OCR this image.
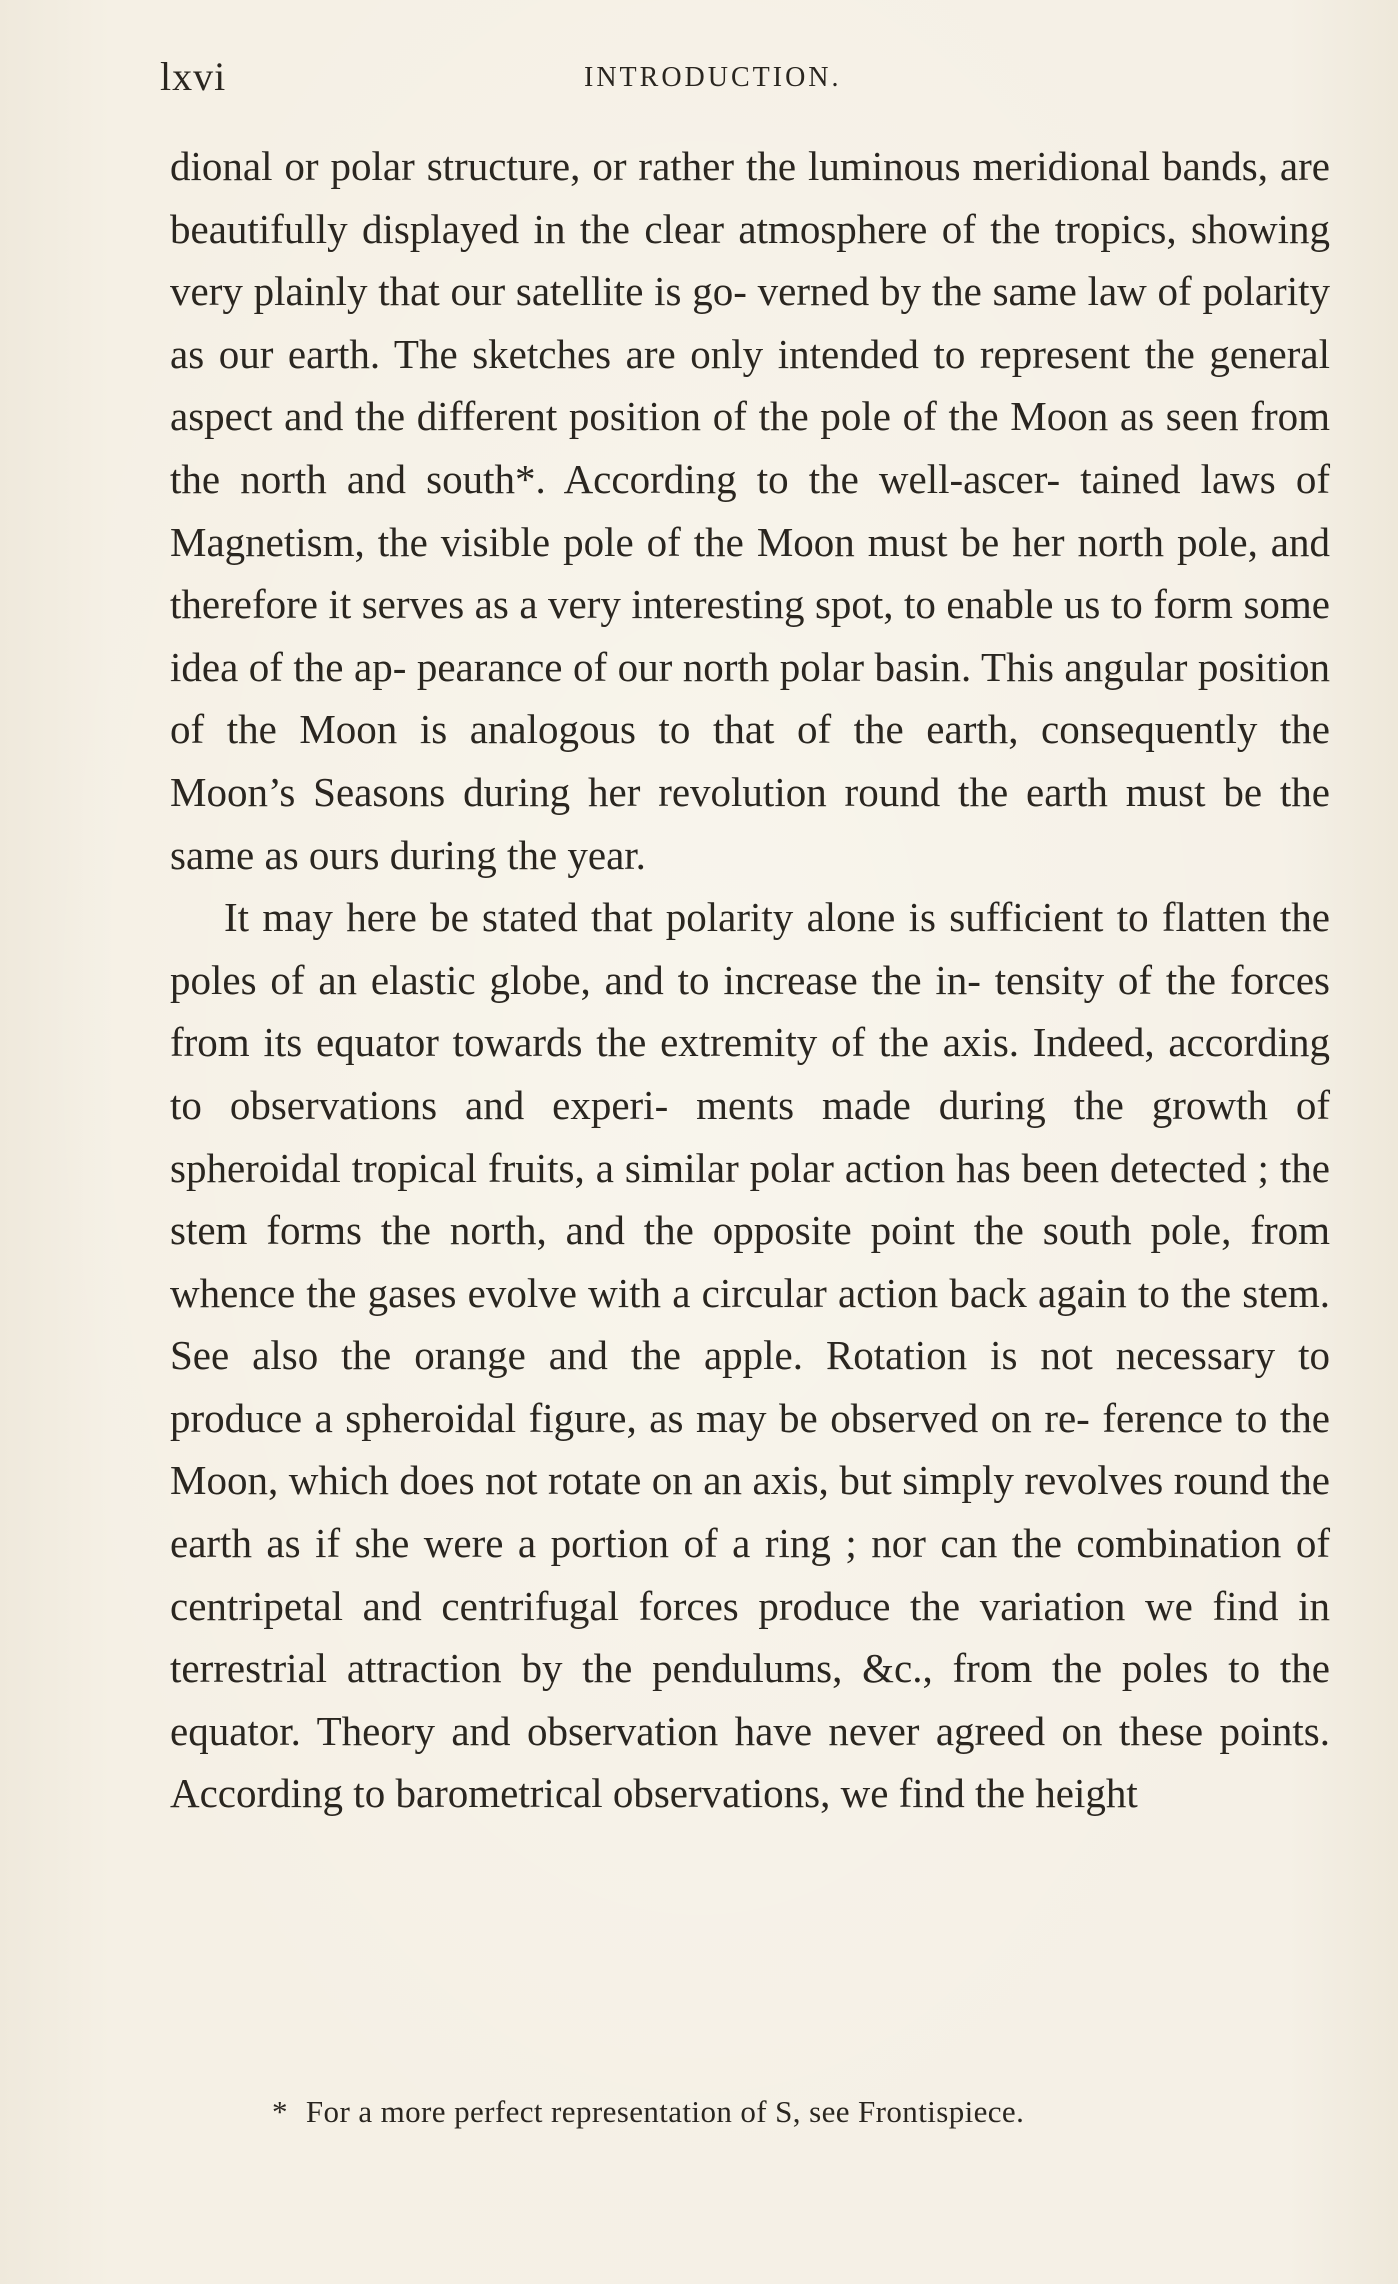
lxvi	INTRODUCTION.

dional or polar structure, or rather the luminous meridional bands, are beautifully displayed in the clear atmosphere of the tropics, showing very plainly that our satellite is go- verned by the same law of polarity as our earth. The sketches are only intended to represent the general aspect and the different position of the pole of the Moon as seen from the north and south*. According to the well-ascer- tained laws of Magnetism, the visible pole of the Moon must be her north pole, and therefore it serves as a very interesting spot, to enable us to form some idea of the ap- pearance of our north polar basin. This angular position of the Moon is analogous to that of the earth, consequently the Moon’s Seasons during her revolution round the earth must be the same as ours during the year.

It may here be stated that polarity alone is sufficient to flatten the poles of an elastic globe, and to increase the in- tensity of the forces from its equator towards the extremity of the axis. Indeed, according to observations and experi- ments made during the growth of spheroidal tropical fruits, a similar polar action has been detected ; the stem forms the north, and the opposite point the south pole, from whence the gases evolve with a circular action back again to the stem. See also the orange and the apple. Rotation is not necessary to produce a spheroidal figure, as may be observed on re- ference to the Moon, which does not rotate on an axis, but simply revolves round the earth as if she were a portion of a ring ; nor can the combination of centripetal and centrifugal forces produce the variation we find in terrestrial attraction by the pendulums, &c., from the poles to the equator. Theory and observation have never agreed on these points. According to barometrical observations, we find the height

* For a more perfect representation of S, see Frontispiece.
